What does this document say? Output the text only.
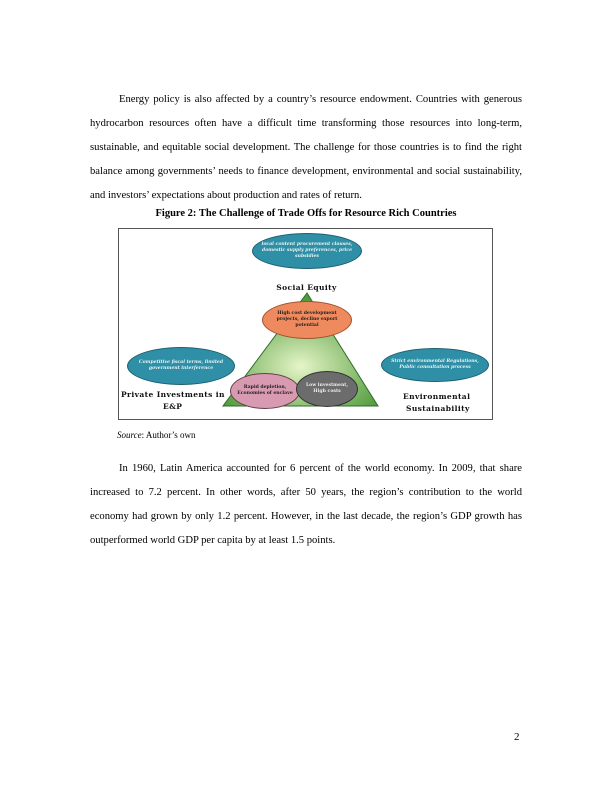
Energy policy is also affected by a country’s resource endowment. Countries with generous hydrocarbon resources often have a difficult time transforming those resources into long-term, sustainable, and equitable social development. The challenge for those countries is to find the right balance among governments’ needs to finance development, environmental and social sustainability, and investors’ expectations about production and rates of return.

Figure 2: The Challenge of Trade Offs for Resource Rich Countries
local content procurement clauses, domestic supply preferences, price subsidies
Social Equity
High cost development projects, decline export potential
Competitive fiscal terms, limited government interference
Strict environmental Regulations, Public consultation process
Rapid depletion, Economies of enclave
Low investment, High costs
Private Investments in
E&P
Environmental
Sustainability
Source: Author’s own

In 1960, Latin America accounted for 6 percent of the world economy. In 2009, that share increased to 7.2 percent. In other words, after 50 years, the region’s contribution to the world economy had grown by only 1.2 percent. However, in the last decade, the region’s GDP growth has outperformed world GDP per capita by at least 1.5 points.

2
